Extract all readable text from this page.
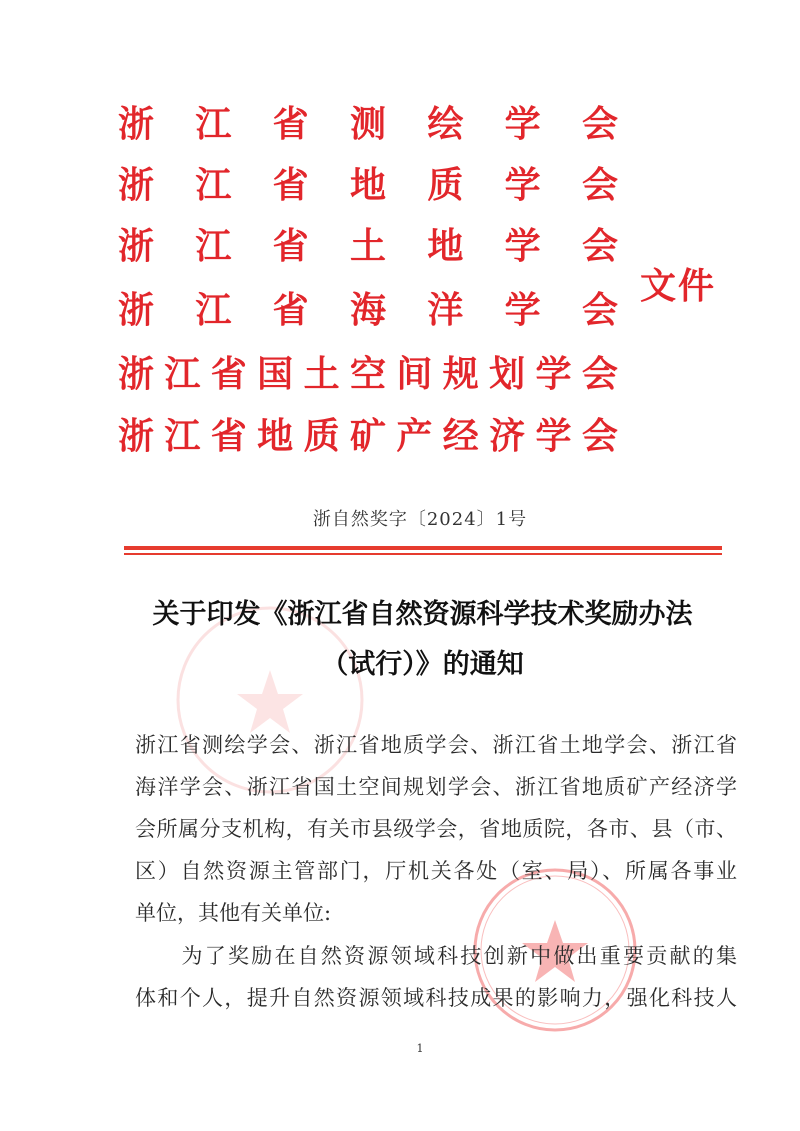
浙 江 省 测 绘 学 会
浙 江 省 地 质 学 会
浙 江 省 土 地 学 会
浙 江 省 海 洋 学 会
浙 江 省 国 土 空 间 规 划 学 会
浙 江 省 地 质 矿 产 经 济 学 会
文件
浙自然奖字〔2024〕1号
关于印发《浙江省自然资源科学技术奖励办法
（试行）》的通知
浙江省测绘学会、浙江省地质学会、浙江省土地学会、浙江省
海洋学会、浙江省国土空间规划学会、浙江省地质矿产经济学
会所属分支机构，有关市县级学会，省地质院，各市、县（市、
区）自然资源主管部门，厅机关各处（室、局）、所属各事业
单位，其他有关单位:
　　为了奖励在自然资源领域科技创新中做出重要贡献的集
体和个人，提升自然资源领域科技成果的影响力，强化科技人
1
